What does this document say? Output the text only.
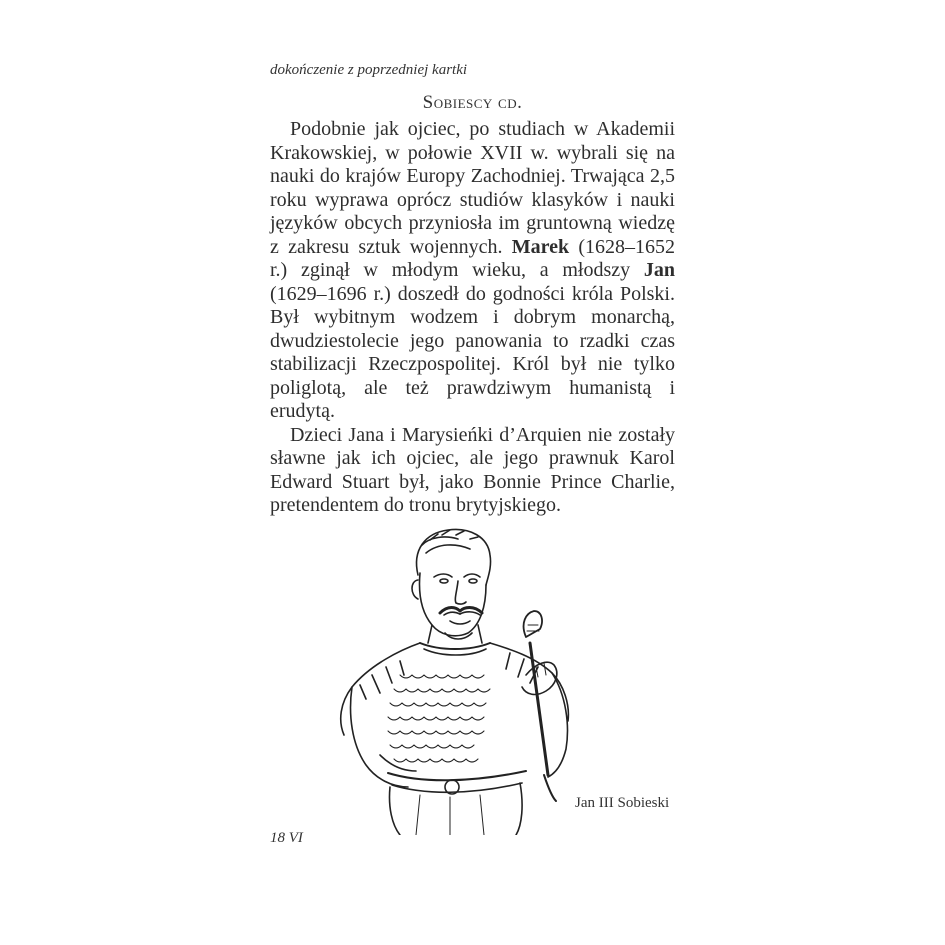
dokończenie z poprzedniej kartki
Sobiescy cd.

Podobnie jak ojciec, po studiach w Akademii Krakowskiej, w połowie XVII w. wybrali się na nauki do krajów Europy Zachodniej. Trwająca 2,5 roku wyprawa oprócz studiów klasyków i nauki języków obcych przyniosła im gruntowną wiedzę z zakresu sztuk wojennych. Marek (1628–1652 r.) zginął w młodym wieku, a młodszy Jan (1629–1696 r.) doszedł do godności króla Polski. Był wybitnym wodzem i dobrym monarchą, dwudziestolecie jego panowania to rzadki czas stabilizacji Rzeczpospolitej. Król był nie tylko poliglotą, ale też prawdziwym humanistą i erudytą.

Dzieci Jana i Marysieńki d’Arquien nie zostały sławne jak ich ojciec, ale jego prawnuk Karol Edward Stuart był, jako Bonnie Prince Charlie, pretendentem do tronu brytyjskiego.

Jan III Sobieski
18 VI
